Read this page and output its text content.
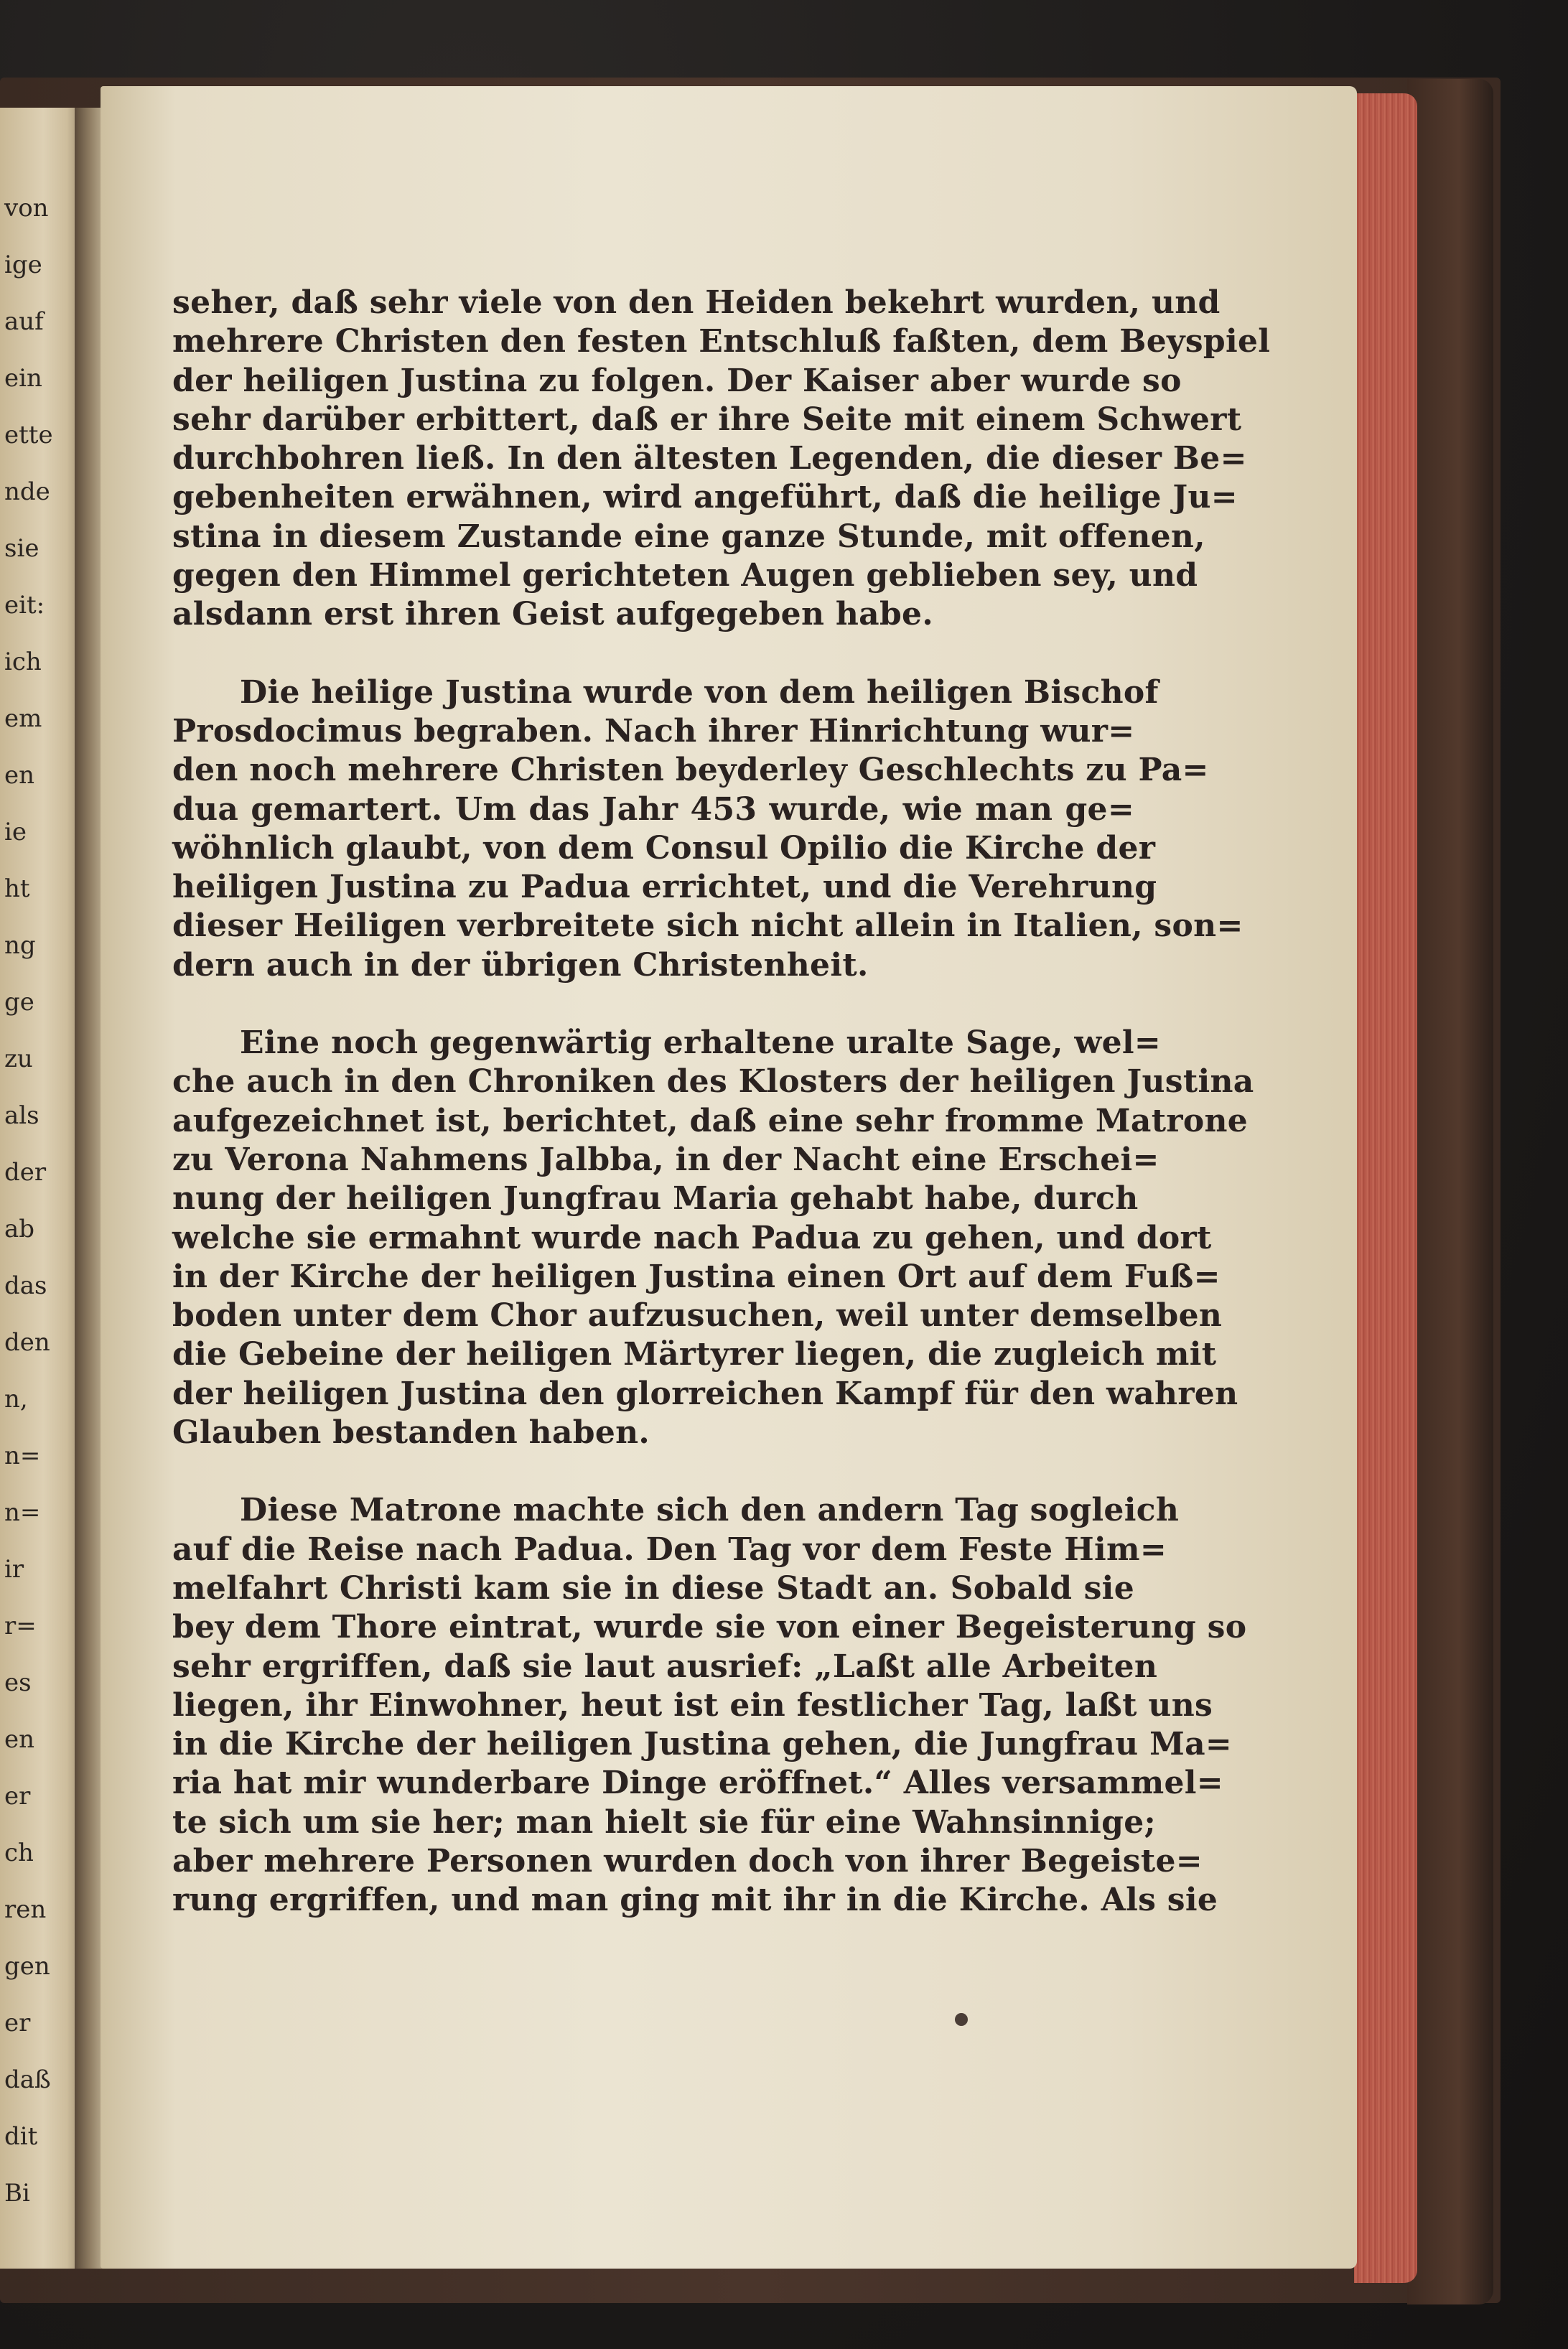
von
ige
auf
ein
ette
nde
sie
eit:
ich
em
en
ie
ht
ng
ge
zu
als
der
ab
das
den
n,
n=
n=
ir
r=
es
en
er
ch
ren
gen
er
daß
dit
Bi
seher, daß sehr viele von den Heiden bekehrt wurden, und
mehrere Christen den festen Entschluß faßten, dem Beyspiel
der heiligen Justina zu folgen. Der Kaiser aber wurde so
sehr darüber erbittert, daß er ihre Seite mit einem Schwert
durchbohren ließ. In den ältesten Legenden, die dieser Be=
gebenheiten erwähnen, wird angeführt, daß die heilige Ju=
stina in diesem Zustande eine ganze Stunde, mit offenen,
gegen den Himmel gerichteten Augen geblieben sey, und
alsdann erst ihren Geist aufgegeben habe.
Die heilige Justina wurde von dem heiligen Bischof
Prosdocimus begraben. Nach ihrer Hinrichtung wur=
den noch mehrere Christen beyderley Geschlechts zu Pa=
dua gemartert. Um das Jahr 453 wurde, wie man ge=
wöhnlich glaubt, von dem Consul Opilio die Kirche der
heiligen Justina zu Padua errichtet, und die Verehrung
dieser Heiligen verbreitete sich nicht allein in Italien, son=
dern auch in der übrigen Christenheit.
Eine noch gegenwärtig erhaltene uralte Sage, wel=
che auch in den Chroniken des Klosters der heiligen Justina
aufgezeichnet ist, berichtet, daß eine sehr fromme Matrone
zu Verona Nahmens Jalbba, in der Nacht eine Erschei=
nung der heiligen Jungfrau Maria gehabt habe, durch
welche sie ermahnt wurde nach Padua zu gehen, und dort
in der Kirche der heiligen Justina einen Ort auf dem Fuß=
boden unter dem Chor aufzusuchen, weil unter demselben
die Gebeine der heiligen Märtyrer liegen, die zugleich mit
der heiligen Justina den glorreichen Kampf für den wahren
Glauben bestanden haben.
Diese Matrone machte sich den andern Tag sogleich
auf die Reise nach Padua. Den Tag vor dem Feste Him=
melfahrt Christi kam sie in diese Stadt an. Sobald sie
bey dem Thore eintrat, wurde sie von einer Begeisterung so
sehr ergriffen, daß sie laut ausrief: „Laßt alle Arbeiten
liegen, ihr Einwohner, heut ist ein festlicher Tag, laßt uns
in die Kirche der heiligen Justina gehen, die Jungfrau Ma=
ria hat mir wunderbare Dinge eröffnet.“ Alles versammel=
te sich um sie her; man hielt sie für eine Wahnsinnige;
aber mehrere Personen wurden doch von ihrer Begeiste=
rung ergriffen, und man ging mit ihr in die Kirche. Als sie
